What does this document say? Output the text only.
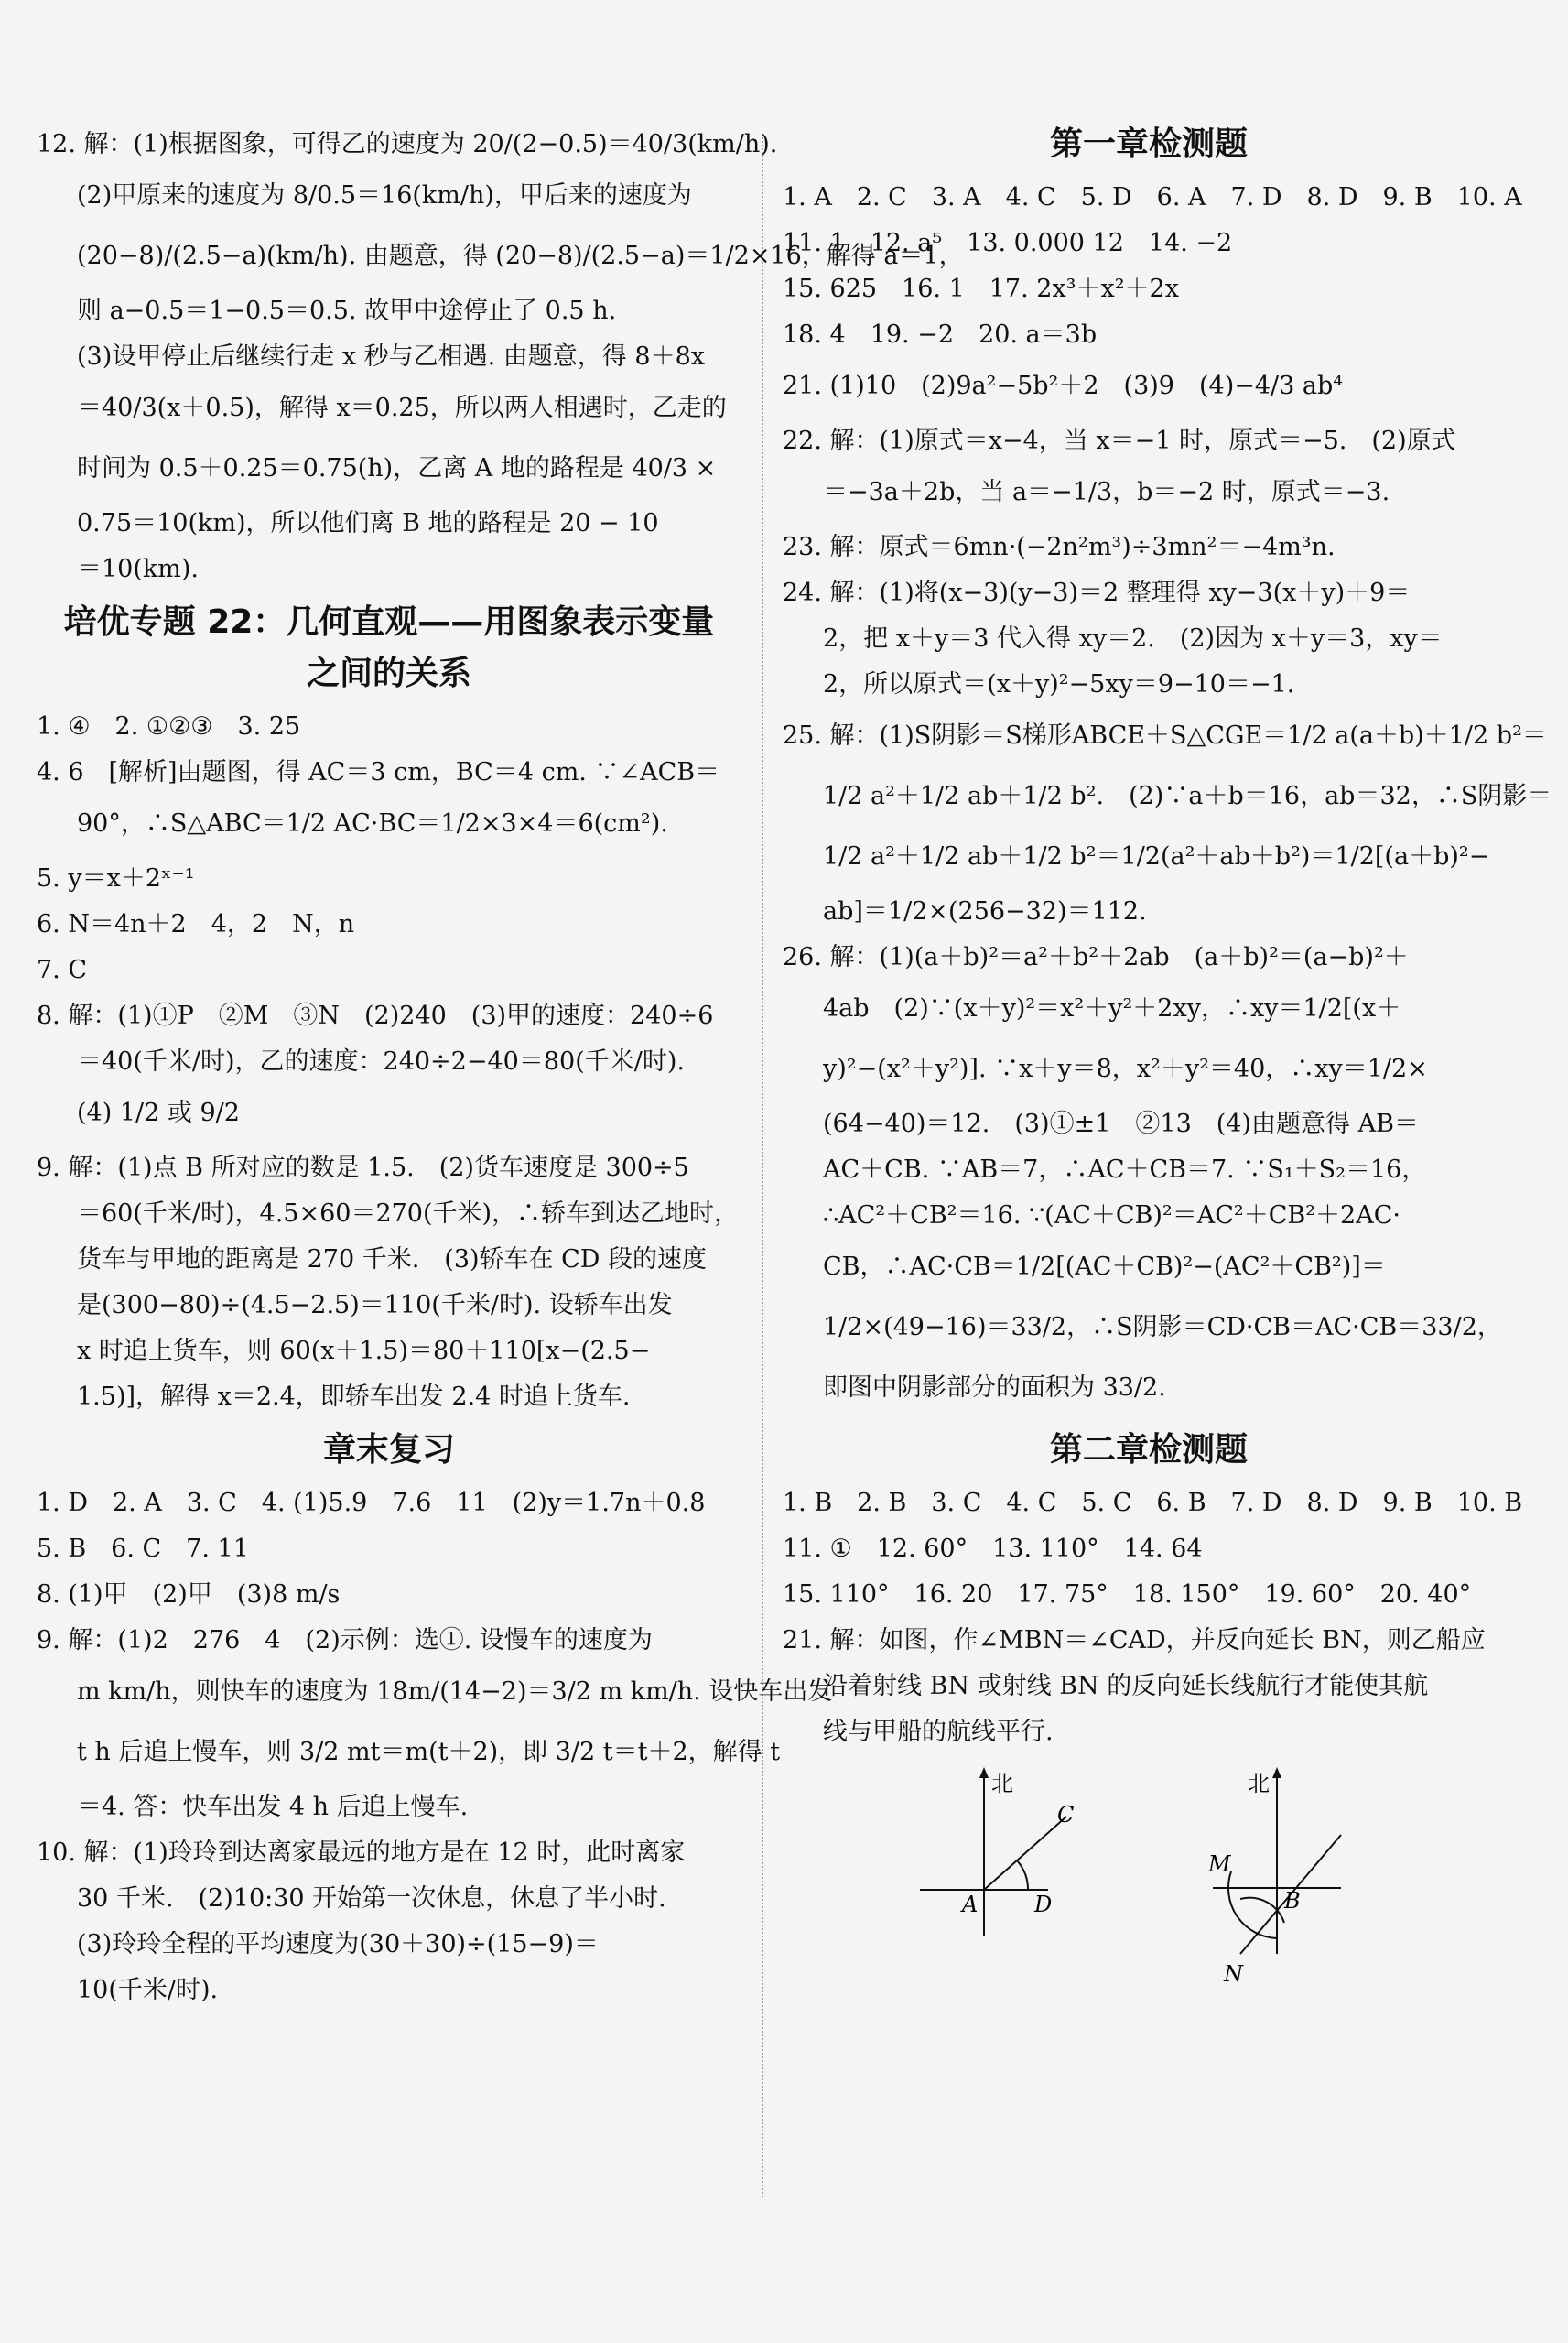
12. 解：(1)根据图象，可得乙的速度为 20/(2−0.5)＝40/3(km/h).
(2)甲原来的速度为 8/0.5＝16(km/h)，甲后来的速度为
(20−8)/(2.5−a)(km/h). 由题意，得 (20−8)/(2.5−a)＝1/2×16，解得 a＝1，
则 a−0.5＝1−0.5＝0.5. 故甲中途停止了 0.5 h.
(3)设甲停止后继续行走 x 秒与乙相遇. 由题意，得 8＋8x
＝40/3(x＋0.5)，解得 x＝0.25，所以两人相遇时，乙走的
时间为 0.5＋0.25＝0.75(h)，乙离 A 地的路程是 40/3 ×
0.75＝10(km)，所以他们离 B 地的路程是 20 − 10
＝10(km).
培优专题 22：几何直观——用图象表示变量
之间的关系
1. ④　2. ①②③　3. 25
4. 6　[解析]由题图，得 AC＝3 cm，BC＝4 cm. ∵∠ACB＝
90°，∴S△ABC＝1/2 AC·BC＝1/2×3×4＝6(cm²).
5. y＝x＋2ˣ⁻¹
6. N＝4n＋2　4，2　N，n
7. C
8. 解：(1)①P　②M　③N　(2)240　(3)甲的速度：240÷6
＝40(千米/时)，乙的速度：240÷2−40＝80(千米/时).
(4) 1/2 或 9/2
9. 解：(1)点 B 所对应的数是 1.5.　(2)货车速度是 300÷5
＝60(千米/时)，4.5×60＝270(千米)，∴轿车到达乙地时，
货车与甲地的距离是 270 千米.　(3)轿车在 CD 段的速度
是(300−80)÷(4.5−2.5)＝110(千米/时). 设轿车出发
x 时追上货车，则 60(x＋1.5)＝80＋110[x−(2.5−
1.5)]，解得 x＝2.4，即轿车出发 2.4 时追上货车.
章末复习
1. D　2. A　3. C　4. (1)5.9　7.6　11　(2)y＝1.7n＋0.8
5. B　6. C　7. 11
8. (1)甲　(2)甲　(3)8 m/s
9. 解：(1)2　276　4　(2)示例：选①. 设慢车的速度为
m km/h，则快车的速度为 18m/(14−2)＝3/2 m km/h. 设快车出发
t h 后追上慢车，则 3/2 mt＝m(t＋2)，即 3/2 t＝t＋2，解得 t
＝4. 答：快车出发 4 h 后追上慢车.
10. 解：(1)玲玲到达离家最远的地方是在 12 时，此时离家
30 千米.　(2)10:30 开始第一次休息，休息了半小时.
(3)玲玲全程的平均速度为(30＋30)÷(15−9)＝
10(千米/时).
第一章检测题
1. A　2. C　3. A　4. C　5. D　6. A　7. D　8. D　9. B　10. A
11. 1　12. a⁵　13. 0.000 12　14. −2
15. 625　16. 1　17. 2x³＋x²＋2x
18. 4　19. −2　20. a＝3b
21. (1)10　(2)9a²−5b²＋2　(3)9　(4)−4/3 ab⁴
22. 解：(1)原式＝x−4，当 x＝−1 时，原式＝−5.　(2)原式
＝−3a＋2b，当 a＝−1/3，b＝−2 时，原式＝−3.
23. 解：原式＝6mn·(−2n²m³)÷3mn²＝−4m³n.
24. 解：(1)将(x−3)(y−3)＝2 整理得 xy−3(x＋y)＋9＝
2，把 x＋y＝3 代入得 xy＝2.　(2)因为 x＋y＝3，xy＝
2，所以原式＝(x＋y)²−5xy＝9−10＝−1.
25. 解：(1)S阴影＝S梯形ABCE＋S△CGE＝1/2 a(a＋b)＋1/2 b²＝
1/2 a²＋1/2 ab＋1/2 b².　(2)∵a＋b＝16，ab＝32，∴S阴影＝
1/2 a²＋1/2 ab＋1/2 b²＝1/2(a²＋ab＋b²)＝1/2[(a＋b)²−
ab]＝1/2×(256−32)＝112.
26. 解：(1)(a＋b)²＝a²＋b²＋2ab　(a＋b)²＝(a−b)²＋
4ab　(2)∵(x＋y)²＝x²＋y²＋2xy，∴xy＝1/2[(x＋
y)²−(x²＋y²)]. ∵x＋y＝8，x²＋y²＝40，∴xy＝1/2×
(64−40)＝12.　(3)①±1　②13　(4)由题意得 AB＝
AC＋CB. ∵AB＝7，∴AC＋CB＝7. ∵S₁＋S₂＝16，
∴AC²＋CB²＝16. ∵(AC＋CB)²＝AC²＋CB²＋2AC·
CB，∴AC·CB＝1/2[(AC＋CB)²−(AC²＋CB²)]＝
1/2×(49−16)＝33/2，∴S阴影＝CD·CB＝AC·CB＝33/2，
即图中阴影部分的面积为 33/2.
第二章检测题
1. B　2. B　3. C　4. C　5. C　6. B　7. D　8. D　9. B　10. B
11. ①　12. 60°　13. 110°　14. 64
15. 110°　16. 20　17. 75°　18. 150°　19. 60°　20. 40°
21. 解：如图，作∠MBN＝∠CAD，并反向延长 BN，则乙船应
沿着射线 BN 或射线 BN 的反向延长线航行才能使其航
线与甲船的航线平行.
北
A
C
D
北
M
B
N
